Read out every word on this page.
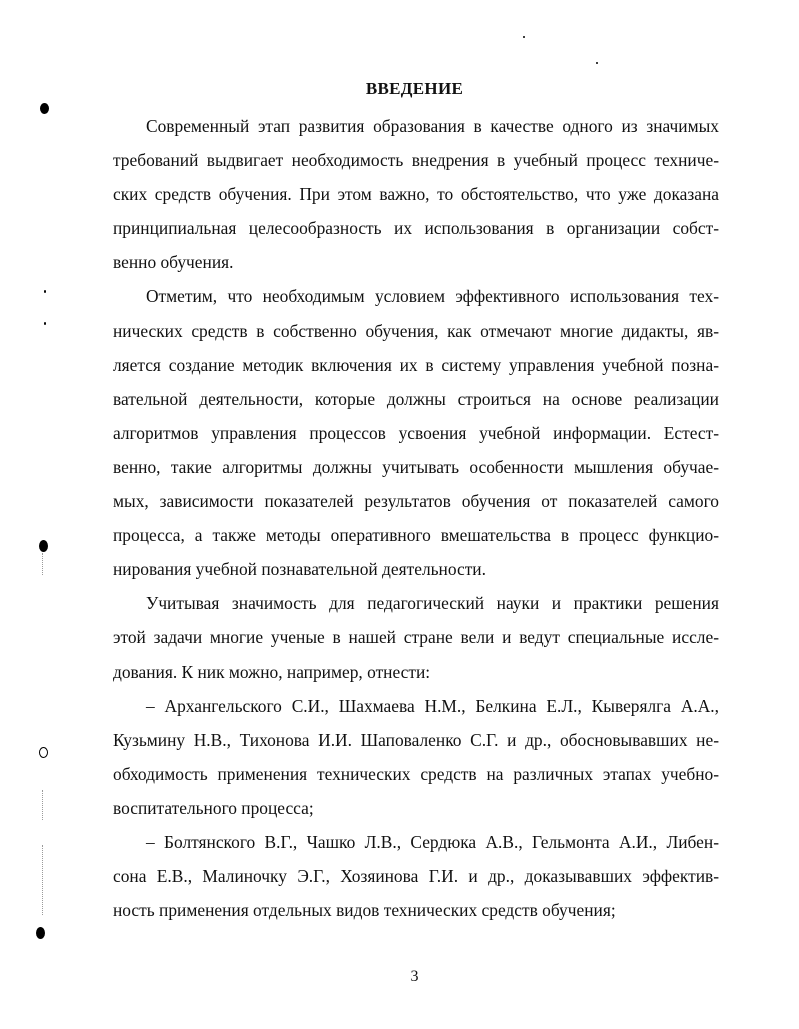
ВВЕДЕНИЕ

Современный этап развития образования в качестве одного из значимых
требований выдвигает необходимость внедрения в учебный процесс техниче-
ских средств обучения. При этом важно, то обстоятельство, что уже доказана
принципиальная целесообразность их использования в организации собст-
венно обучения.

Отметим, что необходимым условием эффективного использования тех-
нических средств в собственно обучения, как отмечают многие дидакты, яв-
ляется создание методик включения их в систему управления учебной позна-
вательной деятельности, которые должны строиться на основе реализации
алгоритмов управления процессов усвоения учебной информации. Естест-
венно, такие алгоритмы должны учитывать особенности мышления обучае-
мых, зависимости показателей результатов обучения от показателей самого
процесса, а также методы оперативного вмешательства в процесс функцио-
нирования учебной познавательной деятельности.

Учитывая значимость для педагогический науки и практики решения
этой задачи многие ученые в нашей стране вели и ведут специальные иссле-
дования. К ник можно, например, отнести:

– Архангельского С.И., Шахмаева Н.М., Белкина Е.Л., Кыверялга А.А.,
Кузьмину Н.В., Тихонова И.И. Шаповаленко С.Г. и др., обосновывавших не-
обходимость применения технических средств на различных этапах учебно-
воспитательного процесса;

– Болтянского В.Г., Чашко Л.В., Сердюка А.В., Гельмонта А.И., Либен-
сона Е.В., Малиночку Э.Г., Хозяинова Г.И. и др., доказывавших эффектив-
ность применения отдельных видов технических средств обучения;

3
